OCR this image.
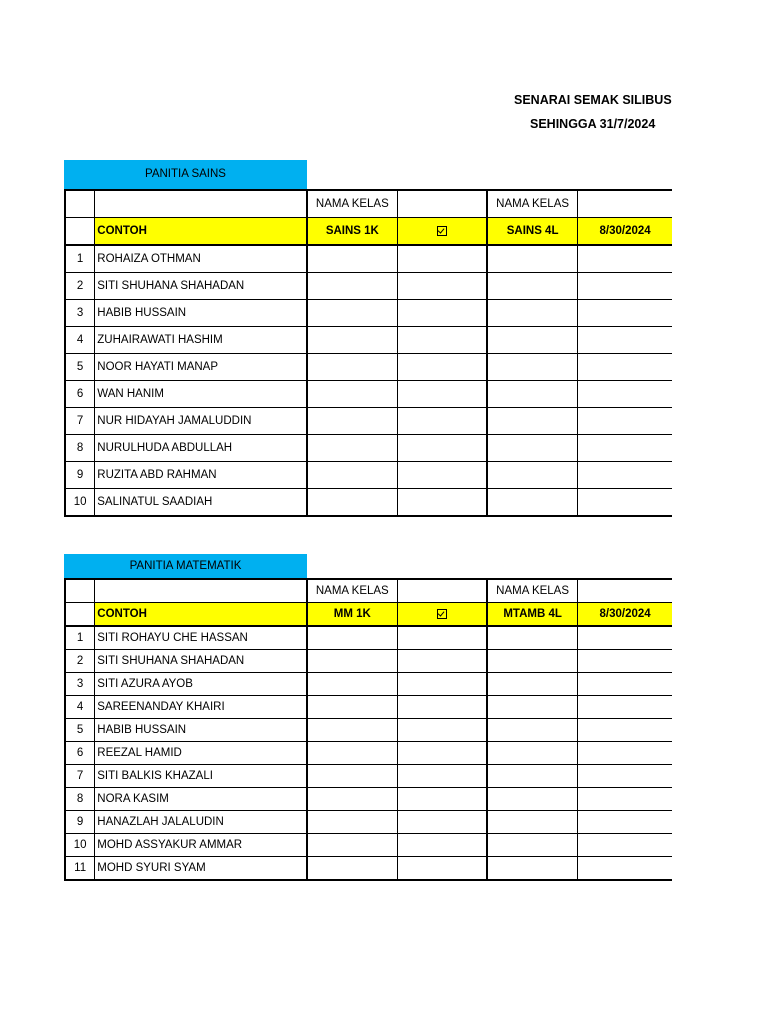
SENARAI SEMAK SILIBUS
SEHINGGA 31/7/2024
PANITIA SAINS
		NAMA KELAS		NAMA KELAS	
	CONTOH	SAINS 1K		SAINS 4L	8/30/2024
1	ROHAIZA OTHMAN				
2	SITI SHUHANA SHAHADAN				
3	HABIB HUSSAIN				
4	ZUHAIRAWATI HASHIM				
5	NOOR HAYATI MANAP				
6	WAN HANIM				
7	NUR HIDAYAH JAMALUDDIN				
8	NURULHUDA ABDULLAH				
9	RUZITA ABD RAHMAN				
10	SALINATUL SAADIAH				
PANITIA MATEMATIK
		NAMA KELAS		NAMA KELAS	
	CONTOH	MM 1K		MTAMB 4L	8/30/2024
1	SITI ROHAYU CHE HASSAN				
2	SITI SHUHANA SHAHADAN				
3	SITI AZURA AYOB				
4	SAREENANDAY KHAIRI				
5	HABIB HUSSAIN				
6	REEZAL HAMID				
7	SITI BALKIS KHAZALI				
8	NORA KASIM				
9	HANAZLAH JALALUDIN				
10	MOHD ASSYAKUR AMMAR				
11	MOHD SYURI SYAM				
